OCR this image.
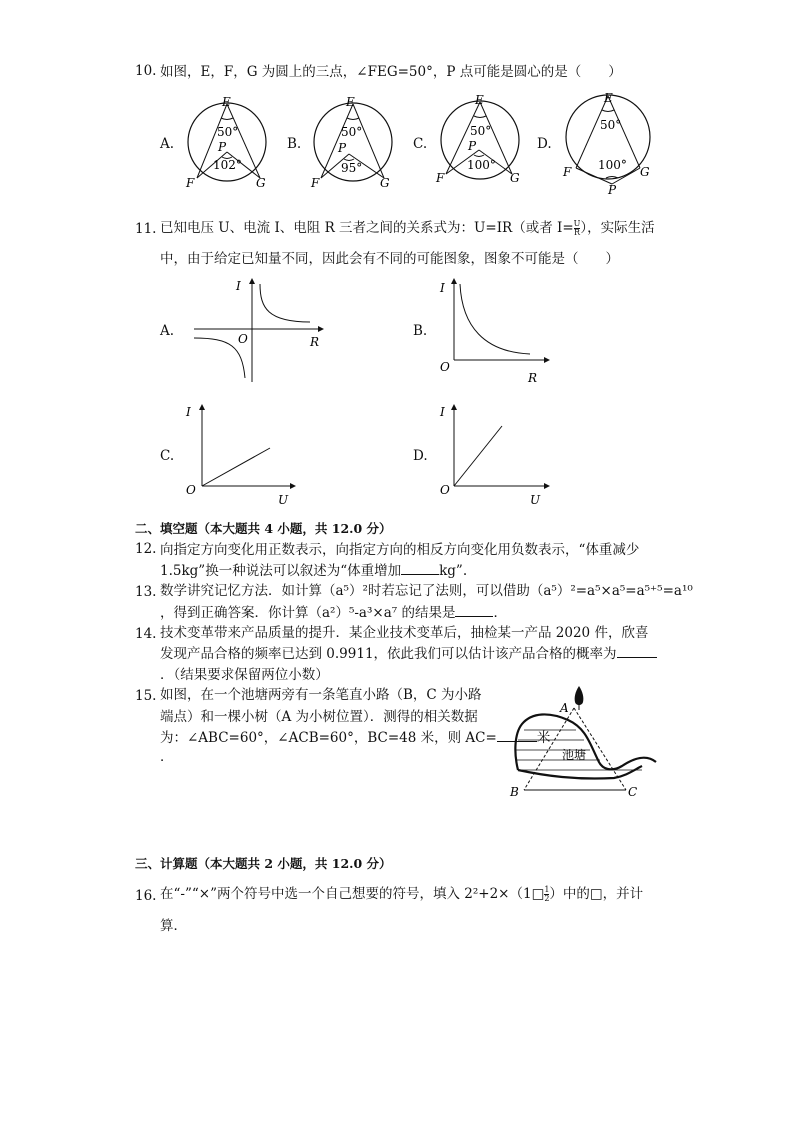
10. 如图，E，F，G 为圆上的三点，∠FEG=50°，P 点可能是圆心的是（　　）
A.
E
50°
P
102°
F	G
B.
E
50°
P
95°
F	G
C.
E
50°
P
100°
F	G
D.
E
50°
100°
F	G
P
11. 已知电压 U、电流 I、电阻 R 三者之间的关系式为：U=IR（或者 $I= \frac{U}{R}$ ），实际生活
中，由于给定已知量不同，因此会有不同的可能图象，图象不可能是（　　）
A.
I
O	R
B.
I
O
R
C.
I
O
U
D.
I
O
U
二、填空题（本大题共 4 小题，共 12.0 分）
12. 向指定方向变化用正数表示，向指定方向的相反方向变化用负数表示，“体重减少
1.5kg”换一种说法可以叙述为“体重增加	kg”.
13. 数学讲究记忆方法．如计算（a⁵）²时若忘记了法则，可以借助（a⁵）²=a⁵×a⁵=a⁵⁺⁵=a¹⁰
，得到正确答案．你计算（a²）⁵-a³×a⁷ 的结果是	．
14. 技术变革带来产品质量的提升．某企业技术变革后，抽检某一产品 2020 件，欣喜
发现产品合格的频率已达到 0.9911，依此我们可以估计该产品合格的概率为
．（结果要求保留两位小数）
15. 如图，在一个池塘两旁有一条笔直小路（B，C 为小路
端点）和一棵小树（A 为小树位置）．测得的相关数据
为：∠ABC=60°，∠ACB=60°，BC=48 米，则 AC=	米
．
A
池塘
B	C
三、计算题（本大题共 2 小题，共 12.0 分）
16. 在“-”“×”两个符号中选一个自己想要的符号，填入 2²+2×（1□ $\frac{1}{2}$ ）中的□，并计
算．
